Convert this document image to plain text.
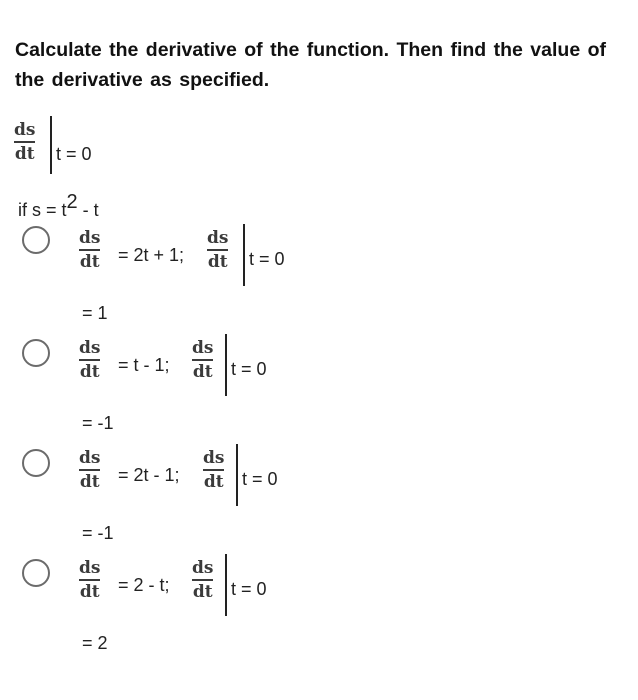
Calculate the derivative of the function. Then find the value of the derivative as specified.
ds
dt t = 0
if s = t2 - t
ds
dt = 2t + 1;
ds
dt t = 0
= 1
ds
dt = t - 1;
ds
dt t = 0
= -1
ds
dt = 2t - 1;
ds
dt t = 0
= -1
ds
dt = 2 - t;
ds
dt t = 0
= 2
